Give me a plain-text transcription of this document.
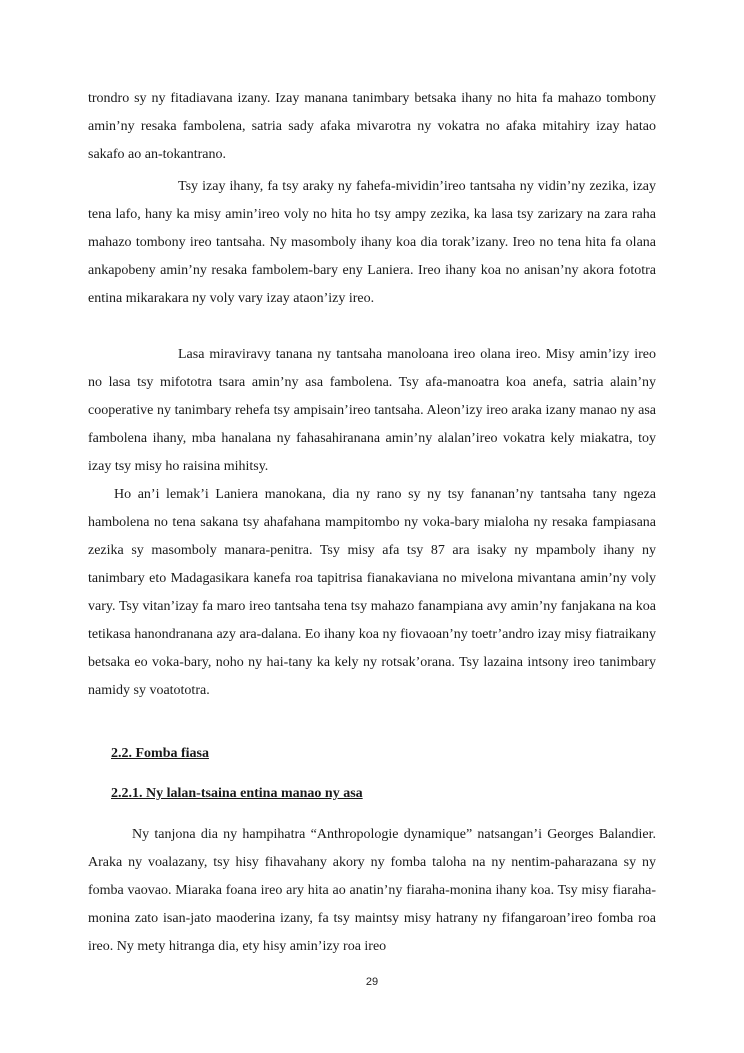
trondro sy ny fitadiavana izany. Izay manana tanimbary betsaka ihany no hita fa mahazo tombony amin’ny resaka fambolena, satria sady afaka mivarotra ny vokatra no afaka mitahiry izay hatao sakafo ao an-tokantrano.

Tsy izay ihany, fa tsy araky ny fahefa-mividin’ireo tantsaha ny vidin’ny zezika, izay tena lafo, hany ka misy amin’ireo voly no hita ho tsy ampy zezika, ka lasa tsy zarizary na zara raha mahazo tombony ireo tantsaha. Ny masomboly ihany koa dia torak’izany. Ireo no tena hita fa olana ankapobeny amin’ny resaka fambolem-bary eny Laniera. Ireo ihany koa no anisan’ny akora fototra entina mikarakara ny voly vary izay ataon’izy ireo.

Lasa miraviravy tanana ny tantsaha manoloana ireo olana ireo. Misy amin’izy ireo no lasa tsy mifototra tsara amin’ny asa fambolena. Tsy afa-manoatra koa anefa, satria alain’ny cooperative ny tanimbary rehefa tsy ampisain’ireo tantsaha. Aleon’izy ireo araka izany manao ny asa fambolena ihany, mba hanalana ny fahasahiranana amin’ny alalan’ireo vokatra kely miakatra, toy izay tsy misy ho raisina mihitsy.

Ho an’i lemak’i Laniera manokana, dia ny rano sy ny tsy fananan’ny tantsaha tany ngeza hambolena no tena sakana tsy ahafahana mampitombo ny voka-bary mialoha ny resaka fampiasana zezika sy masomboly manara-penitra. Tsy misy afa tsy 87 ara isaky ny mpamboly ihany ny tanimbary eto Madagasikara kanefa roa tapitrisa fianakaviana no mivelona mivantana amin’ny voly vary. Tsy vitan’izay fa maro ireo tantsaha tena tsy mahazo fanampiana avy amin’ny fanjakana na koa tetikasa hanondranana azy ara-dalana. Eo ihany koa ny fiovaoan’ny toetr’andro izay misy fiatraikany betsaka eo voka-bary, noho ny hai-tany ka kely ny rotsak’orana. Tsy lazaina intsony ireo tanimbary namidy sy voatototra.

2.2. Fomba fiasa
2.2.1. Ny lalan-tsaina entina manao ny asa

Ny tanjona dia ny hampihatra “Anthropologie dynamique” natsangan’i Georges Balandier. Araka ny voalazany, tsy hisy fihavahany akory ny fomba taloha na ny nentim-paharazana sy ny fomba vaovao. Miaraka foana ireo ary hita ao anatin’ny fiaraha-monina ihany koa. Tsy misy fiaraha-monina zato isan-jato maoderina izany, fa tsy maintsy misy hatrany ny fifangaroan’ireo fomba roa ireo. Ny mety hitranga dia, ety hisy amin’izy roa ireo

29
